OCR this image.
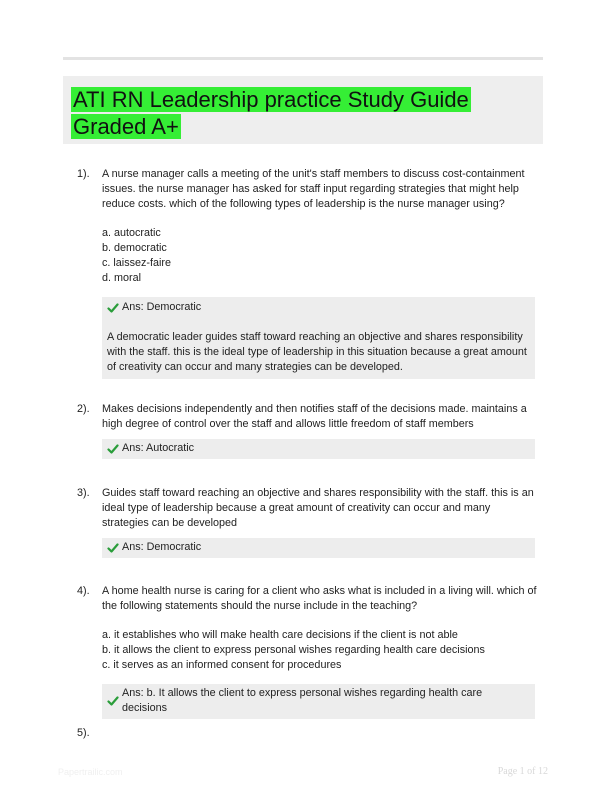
ATI RN Leadership practice Study Guide Graded A+
1).	A nurse manager calls a meeting of the unit's staff members to discuss cost-containment issues. the nurse manager has asked for staff input regarding strategies that might help reduce costs. which of the following types of leadership is the nurse manager using?

a. autocratic
b. democratic
c. laissez-faire
d. moral
Ans: Democratic
A democratic leader guides staff toward reaching an objective and shares responsibility with the staff. this is the ideal type of leadership in this situation because a great amount of creativity can occur and many strategies can be developed.
2).	Makes decisions independently and then notifies staff of the decisions made. maintains a high degree of control over the staff and allows little freedom of staff members

Ans: Autocratic
3).	Guides staff toward reaching an objective and shares responsibility with the staff. this is an ideal type of leadership because a great amount of creativity can occur and many strategies can be developed

Ans: Democratic
4).	A home health nurse is caring for a client who asks what is included in a living will. which of the following statements should the nurse include in the teaching?

a. it establishes who will make health care decisions if the client is not able
b. it allows the client to express personal wishes regarding health care decisions
c. it serves as an informed consent for procedures
Ans: b. It allows the client to express personal wishes regarding health care decisions
5).
Papertrailic.com	Page 1 of 12
